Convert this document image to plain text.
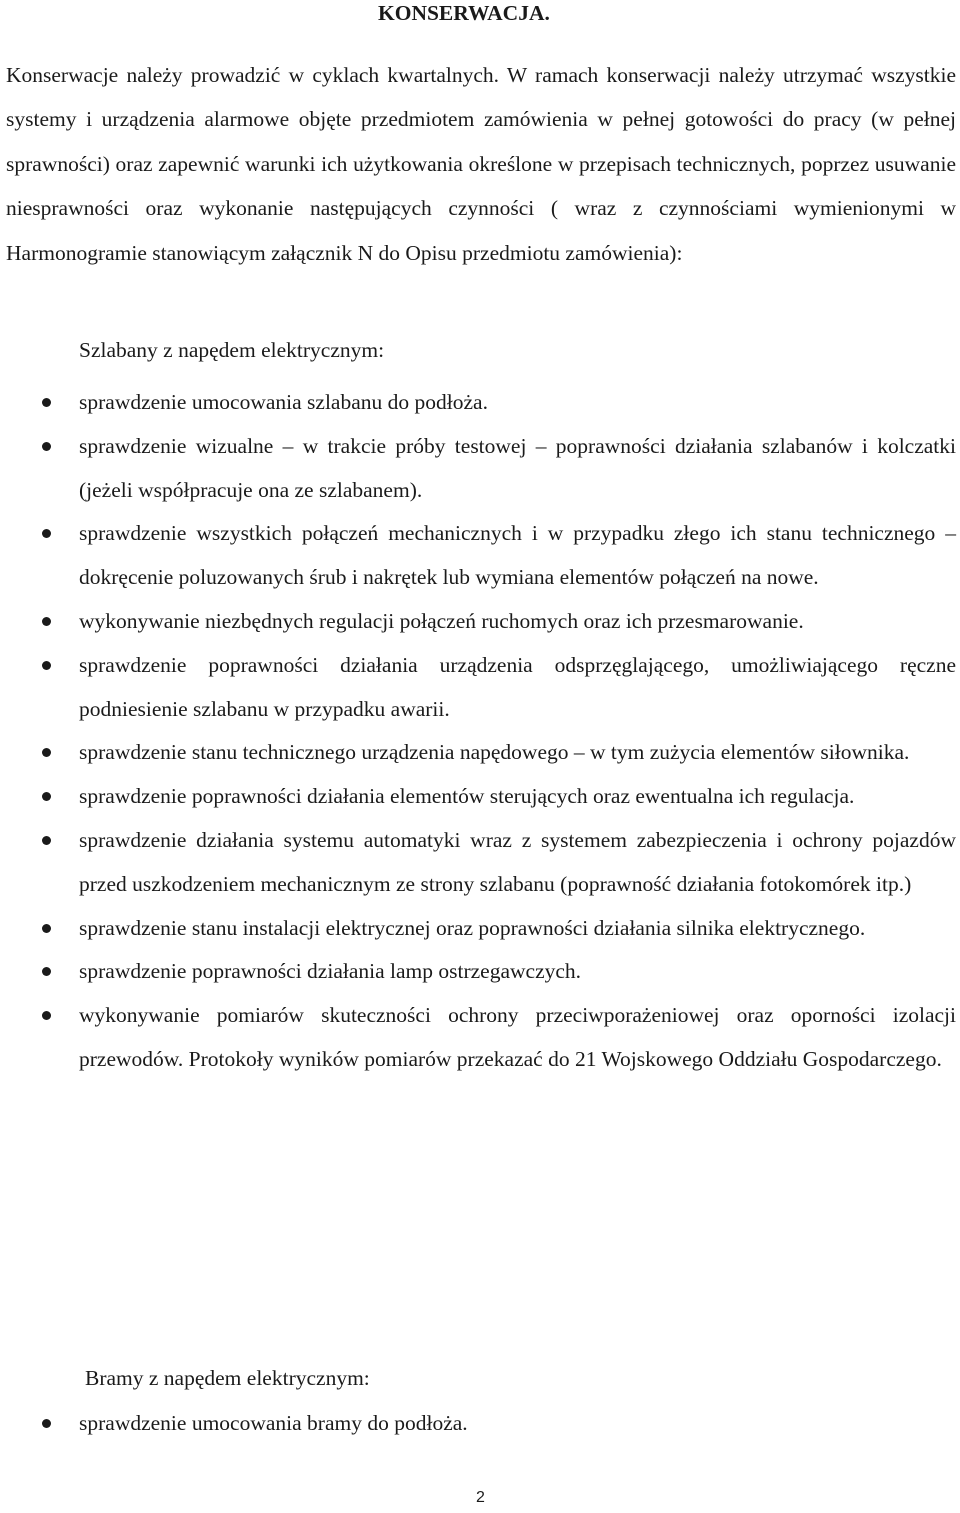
KONSERWACJA.

Konserwacje należy prowadzić w cyklach kwartalnych. W ramach konserwacji należy utrzymać wszystkie systemy i urządzenia alarmowe objęte przedmiotem zamówienia w pełnej gotowości do pracy (w pełnej sprawności) oraz zapewnić warunki ich użytkowania określone w przepisach technicznych, poprzez usuwanie niesprawności oraz wykonanie następujących czynności ( wraz z czynnościami wymienionymi w Harmonogramie stanowiącym załącznik N do Opisu przedmiotu zamówienia):

Szlabany z napędem elektrycznym:

sprawdzenie umocowania szlabanu do podłoża.
sprawdzenie wizualne – w trakcie próby testowej – poprawności działania szlabanów i kolczatki (jeżeli współpracuje ona ze szlabanem).
sprawdzenie wszystkich połączeń mechanicznych i w przypadku złego ich stanu technicznego – dokręcenie poluzowanych śrub i nakrętek lub wymiana elementów połączeń na nowe.
wykonywanie niezbędnych regulacji połączeń ruchomych oraz ich przesmarowanie.
sprawdzenie poprawności działania urządzenia odsprzęglającego, umożliwiającego ręczne podniesienie szlabanu w przypadku awarii.
sprawdzenie stanu technicznego urządzenia napędowego – w tym zużycia elementów siłownika.
sprawdzenie poprawności działania elementów sterujących oraz ewentualna ich regulacja.
sprawdzenie działania systemu automatyki wraz z systemem zabezpieczenia i ochrony pojazdów przed uszkodzeniem mechanicznym ze strony szlabanu (poprawność działania fotokomórek itp.)
sprawdzenie stanu instalacji elektrycznej oraz poprawności działania silnika elektrycznego.
sprawdzenie poprawności działania lamp ostrzegawczych.
wykonywanie pomiarów skuteczności ochrony przeciwporażeniowej oraz oporności izolacji przewodów. Protokoły wyników pomiarów przekazać do 21 Wojskowego Oddziału Gospodarczego.

Bramy z napędem elektrycznym:

sprawdzenie umocowania bramy do podłoża.

2
